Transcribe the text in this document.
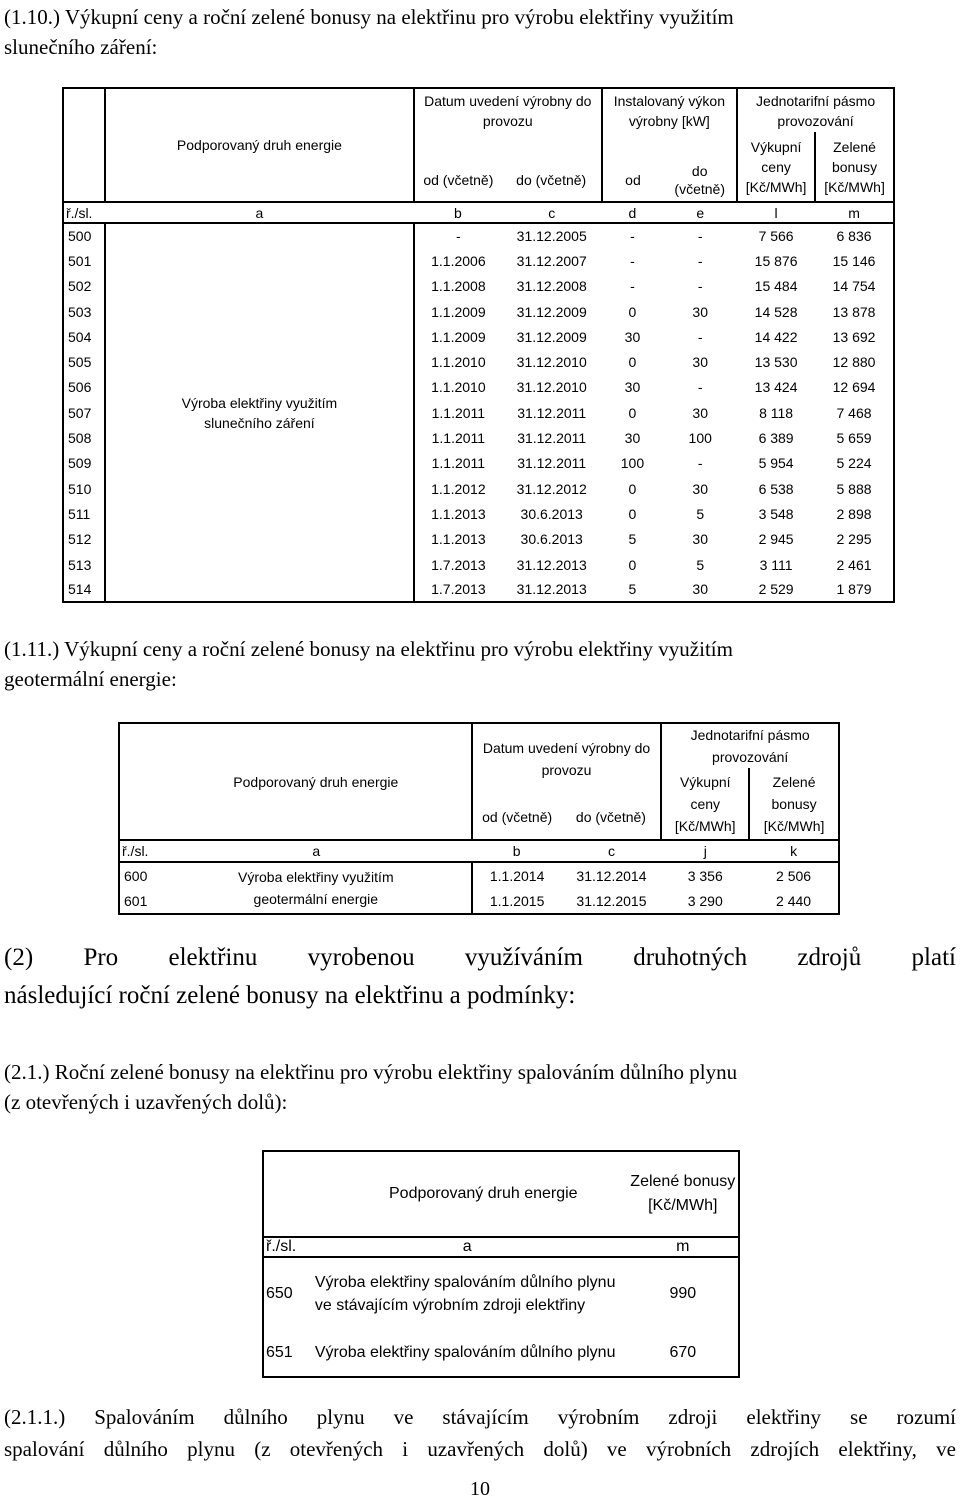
(1.10.) Výkupní ceny a roční zelené bonusy na elektřinu pro výrobu elektřiny využitím
slunečního záření:
	Podporovaný druh energie	Datum uvedení výrobny do provozu		Instalovaný výkon výrobny [kW]		Jednotarifní pásmo provozování	
						Výkupní ceny [Kč/MWh]	Zelené bonusy [Kč/MWh]
		od (včetně)	do (včetně)	od	do
(včetně)		

ř./sl.	a	b	c	d	e	l	m
500	Výroba elektřiny využitím slunečního záření	-	31.12.2005	-	-	7 566	6 836
501		1.1.2006	31.12.2007	-	-	15 876	15 146
502		1.1.2008	31.12.2008	-	-	15 484	14 754
503		1.1.2009	31.12.2009	0	30	14 528	13 878
504		1.1.2009	31.12.2009	30	-	14 422	13 692
505		1.1.2010	31.12.2010	0	30	13 530	12 880
506		1.1.2010	31.12.2010	30	-	13 424	12 694
507		1.1.2011	31.12.2011	0	30	8 118	7 468
508		1.1.2011	31.12.2011	30	100	6 389	5 659
509		1.1.2011	31.12.2011	100	-	5 954	5 224
510		1.1.2012	31.12.2012	0	30	6 538	5 888
511		1.1.2013	30.6.2013	0	5	3 548	2 898
512		1.1.2013	30.6.2013	5	30	2 945	2 295
513		1.7.2013	31.12.2013	0	5	3 111	2 461
514		1.7.2013	31.12.2013	5	30	2 529	1 879
(1.11.) Výkupní ceny a roční zelené bonusy na elektřinu pro výrobu elektřiny využitím
geotermální energie:
	Podporovaný druh energie	Datum uvedení výrobny do provozu		Jednotarifní pásmo provozování	
				Výkupní ceny [Kč/MWh]	Zelené bonusy [Kč/MWh]
		od (včetně)	do (včetně)		
ř./sl.	a	b	c	j	k
600	Výroba elektřiny využitím geotermální energie	1.1.2014	31.12.2014	3 356	2 506
601		1.1.2015	31.12.2015	3 290	2 440
(2) Pro elektřinu vyrobenou využíváním druhotných zdrojů platí
následující roční zelené bonusy na elektřinu a podmínky:
(2.1.) Roční zelené bonusy na elektřinu pro výrobu elektřiny spalováním důlního plynu
(z otevřených i uzavřených dolů):
	Podporovaný druh energie	Zelené bonusy [Kč/MWh]
ř./sl.	a	m
650	Výroba elektřiny spalováním důlního plynu ve stávajícím výrobním zdroji elektřiny	990
651	Výroba elektřiny spalováním důlního plynu	670
(2.1.1.) Spalováním důlního plynu ve stávajícím výrobním zdroji elektřiny se rozumí
spalování důlního plynu (z otevřených i uzavřených dolů) ve výrobních zdrojích elektřiny, ve
10
